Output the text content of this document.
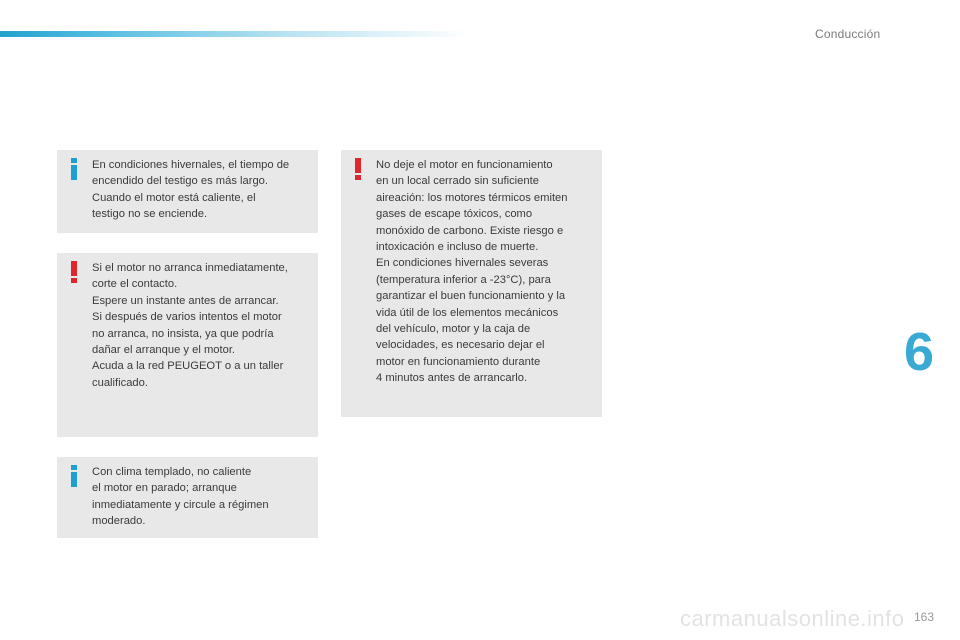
Conducción
En condiciones hivernales, el tiempo de
encendido del testigo es más largo.
Cuando el motor está caliente, el
testigo no se enciende.
Si el motor no arranca inmediatamente,
corte el contacto.
Espere un instante antes de arrancar.
Si después de varios intentos el motor
no arranca, no insista, ya que podría
dañar el arranque y el motor.
Acuda a la red PEUGEOT o a un taller
cualificado.
Con clima templado, no caliente
el motor en parado; arranque
inmediatamente y circule a régimen
moderado.
No deje el motor en funcionamiento
en un local cerrado sin suficiente
aireación: los motores térmicos emiten
gases de escape tóxicos, como
monóxido de carbono. Existe riesgo e
intoxicación e incluso de muerte.
En condiciones hivernales severas
(temperatura inferior a -23°C), para
garantizar el buen funcionamiento y la
vida útil de los elementos mecánicos
del vehículo, motor y la caja de
velocidades, es necesario dejar el
motor en funcionamiento durante
4 minutos antes de arrancarlo.	6
carmanualsonline.info 163
